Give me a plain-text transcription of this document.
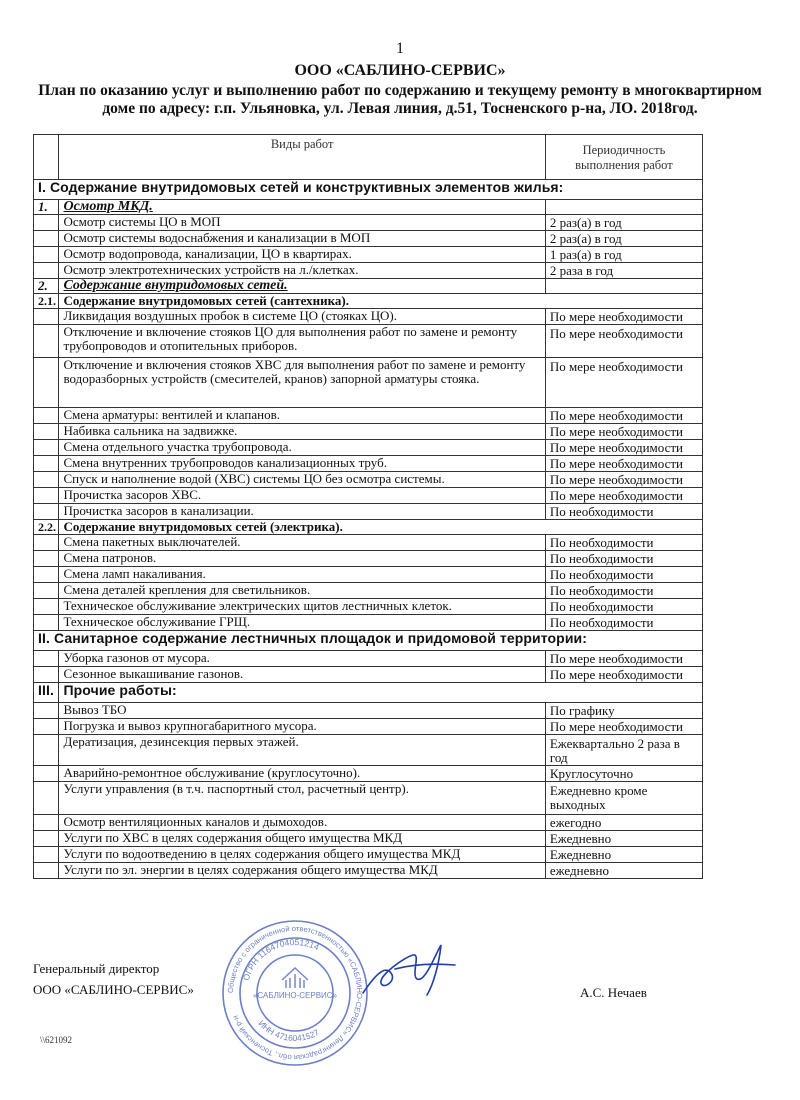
1
ООО «САБЛИНО-СЕРВИС»
План по оказанию услуг и выполнению работ по содержанию и текущему ремонту в многоквартирном доме по адресу: г.п. Ульяновка, ул. Левая линия, д.51, Тосненского р-на, ЛО. 2018год.
	Виды работ	Периодичность выполнения работ
I. Содержание внутридомовых сетей и конструктивных элементов жилья:		
1.	Осмотр МКД.	
	Осмотр системы ЦО в МОП	2 раз(а) в год
	Осмотр системы водоснабжения и канализации в МОП	2 раз(а) в год
	Осмотр водопровода, канализации, ЦО в квартирах.	1 раз(а) в год
	Осмотр электротехнических устройств на л./клетках.	2 раза в год
2.	Содержание внутридомовых сетей.	
2.1.	Содержание внутридомовых сетей (сантехника).	
	Ликвидация воздушных пробок в системе ЦО (стояках ЦО).	По мере необходимости
	Отключение и включение стояков ЦО для выполнения работ по замене и ремонту трубопроводов и отопительных приборов.	По мере необходимости
	Отключение и включения стояков ХВС для выполнения работ по замене и ремонту водоразборных устройств (смесителей, кранов) запорной арматуры стояка.	По мере необходимости
	Смена арматуры: вентилей и клапанов.	По мере необходимости
	Набивка сальника на задвижке.	По мере необходимости
	Смена отдельного участка трубопровода.	По мере необходимости
	Смена внутренних трубопроводов канализационных труб.	По мере необходимости
	Спуск и наполнение водой (ХВС) системы ЦО без осмотра системы.	По мере необходимости
	Прочистка засоров ХВС.	По мере необходимости
	Прочистка засоров в канализации.	По необходимости
2.2.	Содержание внутридомовых сетей (электрика).	
	Смена пакетных выключателей.	По необходимости
	Смена патронов.	По необходимости
	Смена ламп накаливания.	По необходимости
	Смена деталей крепления для светильников.	По необходимости
	Техническое обслуживание электрических щитов лестничных клеток.	По необходимости
	Техническое обслуживание ГРЩ.	По необходимости
II. Санитарное содержание лестничных площадок и придомовой территории:		
	Уборка газонов от мусора.	По мере необходимости
	Сезонное выкашивание газонов.	По мере необходимости
III.	Прочие работы:	
	Вывоз ТБО	По графику
	Погрузка и вывоз крупногабаритного мусора.	По мере необходимости
	Дератизация, дезинсекция первых этажей.	Ежеквартально 2 раза в год
	Аварийно-ремонтное обслуживание (круглосуточно).	Круглосуточно
	Услуги управления (в т.ч. паспортный стол, расчетный центр).	Ежедневно кроме выходных
	Осмотр вентиляционных каналов и дымоходов.	ежегодно
	Услуги по ХВС в целях содержания общего имущества МКД	Ежедневно
	Услуги по водоотведению в целях содержания общего имущества МКД	Ежедневно
	Услуги по эл. энергии в целях содержания общего имущества МКД	ежедневно
Генеральный директор
ООО «САБЛИНО-СЕРВИС»	А.С. Нечаев
\\621092
Общество с ограниченной ответственностью «САБЛИНО-СЕРВИС» Ленинградская обл., Тосненский р-н
ОГРН 1164704051214
ИНН 4716041527
«САБЛИНО-СЕРВИС»
